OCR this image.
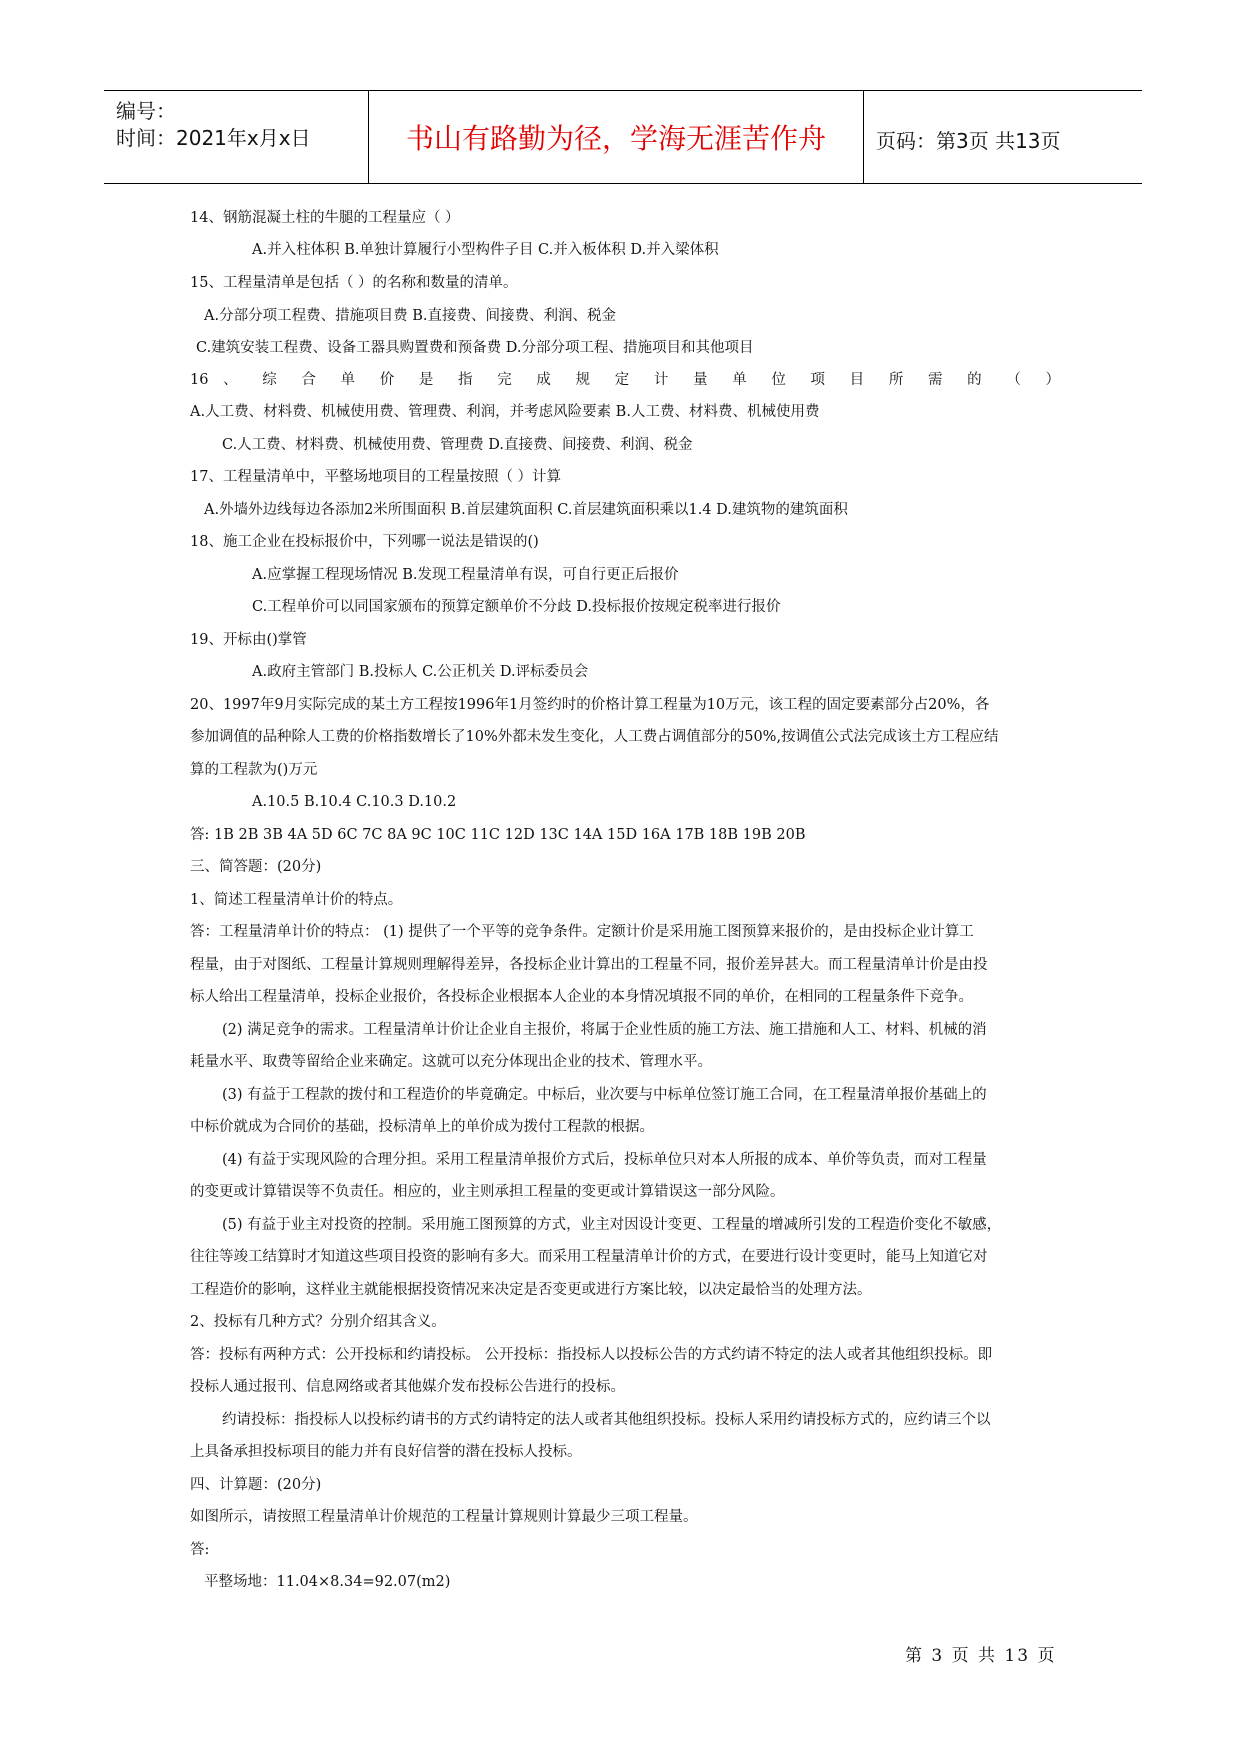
编号：
时间：2021年x月x日	书山有路勤为径，学海无涯苦作舟	页码：第3页 共13页
14、钢筋混凝土柱的牛腿的工程量应（ ）
A.并入柱体积 B.单独计算履行小型构件子目 C.并入板体积 D.并入梁体积
15、工程量清单是包括（ ）的名称和数量的清单。
A.分部分项工程费、措施项目费 B.直接费、间接费、利润、税金
C.建筑安装工程费、设备工器具购置费和预备费 D.分部分项工程、措施项目和其他项目
16 、 综 合 单 价 是 指 完 成 规 定 计 量 单 位 项 目 所 需 的 （ ）
A.人工费、材料费、机械使用费、管理费、利润，并考虑风险要素 B.人工费、材料费、机械使用费
C.人工费、材料费、机械使用费、管理费 D.直接费、间接费、利润、税金
17、工程量清单中，平整场地项目的工程量按照（ ）计算
A.外墙外边线每边各添加2米所围面积 B.首层建筑面积 C.首层建筑面积乘以1.4 D.建筑物的建筑面积
18、施工企业在投标报价中，下列哪一说法是错误的()
A.应掌握工程现场情况 B.发现工程量清单有误，可自行更正后报价
C.工程单价可以同国家颁布的预算定额单价不分歧 D.投标报价按规定税率进行报价
19、开标由()掌管
A.政府主管部门 B.投标人 C.公正机关 D.评标委员会
20、1997年9月实际完成的某土方工程按1996年1月签约时的价格计算工程量为10万元，该工程的固定要素部分占20%，各
参加调值的品种除人工费的价格指数增长了10%外都未发生变化，人工费占调值部分的50%,按调值公式法完成该土方工程应结
算的工程款为()万元
A.10.5 B.10.4 C.10.3 D.10.2
答: 1B 2B 3B 4A 5D 6C 7C 8A 9C 10C 11C 12D 13C 14A 15D 16A 17B 18B 19B 20B
三、简答题：(20分)
1、简述工程量清单计价的特点。
答：工程量清单计价的特点： (1) 提供了一个平等的竞争条件。定额计价是采用施工图预算来报价的，是由投标企业计算工
程量，由于对图纸、工程量计算规则理解得差异，各投标企业计算出的工程量不同，报价差异甚大。而工程量清单计价是由投
标人给出工程量清单，投标企业报价，各投标企业根据本人企业的本身情况填报不同的单价，在相同的工程量条件下竞争。
(2) 满足竞争的需求。工程量清单计价让企业自主报价，将属于企业性质的施工方法、施工措施和人工、材料、机械的消
耗量水平、取费等留给企业来确定。这就可以充分体现出企业的技术、管理水平。
(3) 有益于工程款的拨付和工程造价的毕竟确定。中标后，业次要与中标单位签订施工合同，在工程量清单报价基础上的
中标价就成为合同价的基础，投标清单上的单价成为拨付工程款的根据。
(4) 有益于实现风险的合理分担。采用工程量清单报价方式后，投标单位只对本人所报的成本、单价等负责，而对工程量
的变更或计算错误等不负责任。相应的，业主则承担工程量的变更或计算错误这一部分风险。
(5) 有益于业主对投资的控制。采用施工图预算的方式，业主对因设计变更、工程量的增减所引发的工程造价变化不敏感，
往往等竣工结算时才知道这些项目投资的影响有多大。而采用工程量清单计价的方式，在要进行设计变更时，能马上知道它对
工程造价的影响，这样业主就能根据投资情况来决定是否变更或进行方案比较，以决定最恰当的处理方法。
2、投标有几种方式？分别介绍其含义。
答：投标有两种方式：公开投标和约请投标。 公开投标：指投标人以投标公告的方式约请不特定的法人或者其他组织投标。即
投标人通过报刊、信息网络或者其他媒介发布投标公告进行的投标。
约请投标：指投标人以投标约请书的方式约请特定的法人或者其他组织投标。投标人采用约请投标方式的，应约请三个以
上具备承担投标项目的能力并有良好信誉的潜在投标人投标。
四、计算题：(20分)
如图所示，请按照工程量清单计价规范的工程量计算规则计算最少三项工程量。
答:
平整场地：11.04×8.34=92.07(m2)
第 3 页 共 13 页
